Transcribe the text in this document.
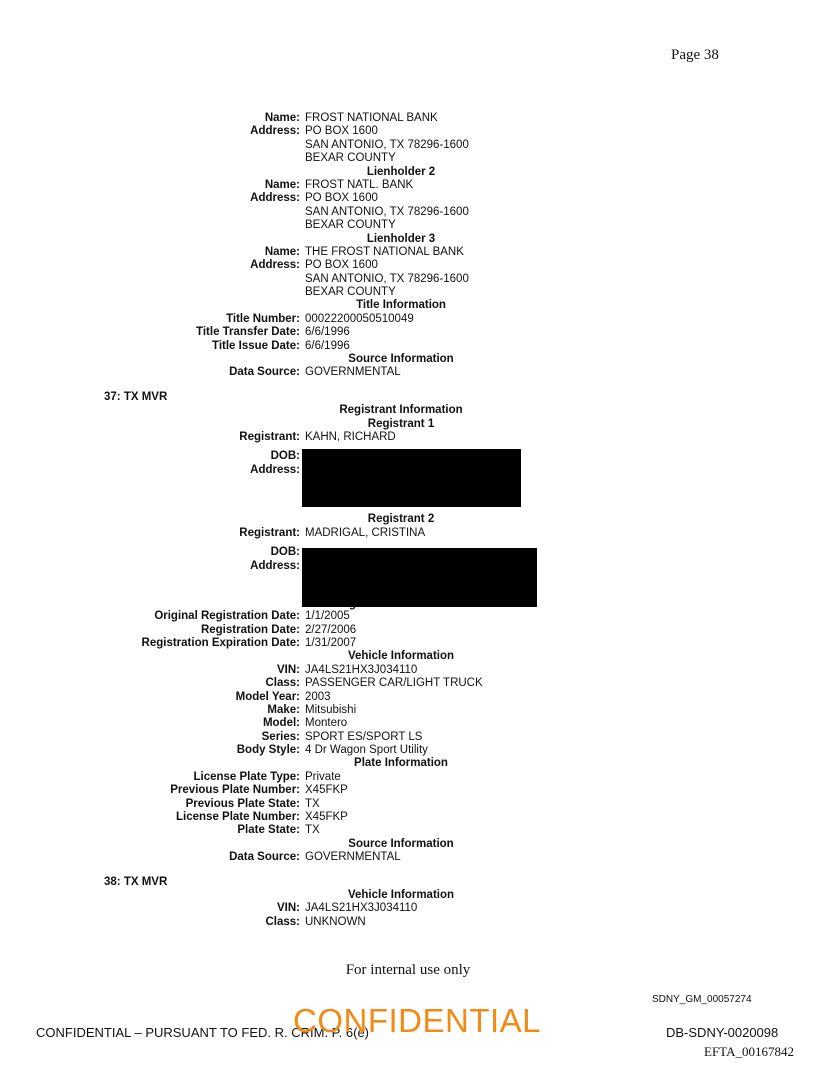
Page 38
Name: FROST NATIONAL BANK
Address: PO BOX 1600
SAN ANTONIO, TX 78296-1600
BEXAR COUNTY
Lienholder 2
Name: FROST NATL. BANK
Address: PO BOX 1600
SAN ANTONIO, TX 78296-1600
BEXAR COUNTY
Lienholder 3
Name: THE FROST NATIONAL BANK
Address: PO BOX 1600
SAN ANTONIO, TX 78296-1600
BEXAR COUNTY
Title Information
Title Number: 00022200050510049
Title Transfer Date: 6/6/1996
Title Issue Date: 6/6/1996
Source Information
Data Source: GOVERNMENTAL
37: TX MVR
Registrant Information
Registrant 1
Registrant: KAHN, RICHARD
DOB:
Address:
Registrant 2
Registrant: MADRIGAL, CRISTINA
DOB:
Address:
Original Registration Date: 1/1/2005
Registration Date: 2/27/2006
Registration Expiration Date: 1/31/2007
Vehicle Information
VIN: JA4LS21HX3J034110
Class: PASSENGER CAR/LIGHT TRUCK
Model Year: 2003
Make: Mitsubishi
Model: Montero
Series: SPORT ES/SPORT LS
Body Style: 4 Dr Wagon Sport Utility
Plate Information
License Plate Type: Private
Previous Plate Number: X45FKP
Previous Plate State: TX
License Plate Number: X45FKP
Plate State: TX
Source Information
Data Source: GOVERNMENTAL
38: TX MVR
Vehicle Information
VIN: JA4LS21HX3J034110
Class: UNKNOWN
For internal use only
SDNY_GM_00057274
CONFIDENTIAL – PURSUANT TO FED. R. CRIM. P. 6(e)
CONFIDENTIAL	DB-SDNY-0020098
EFTA_00167842
